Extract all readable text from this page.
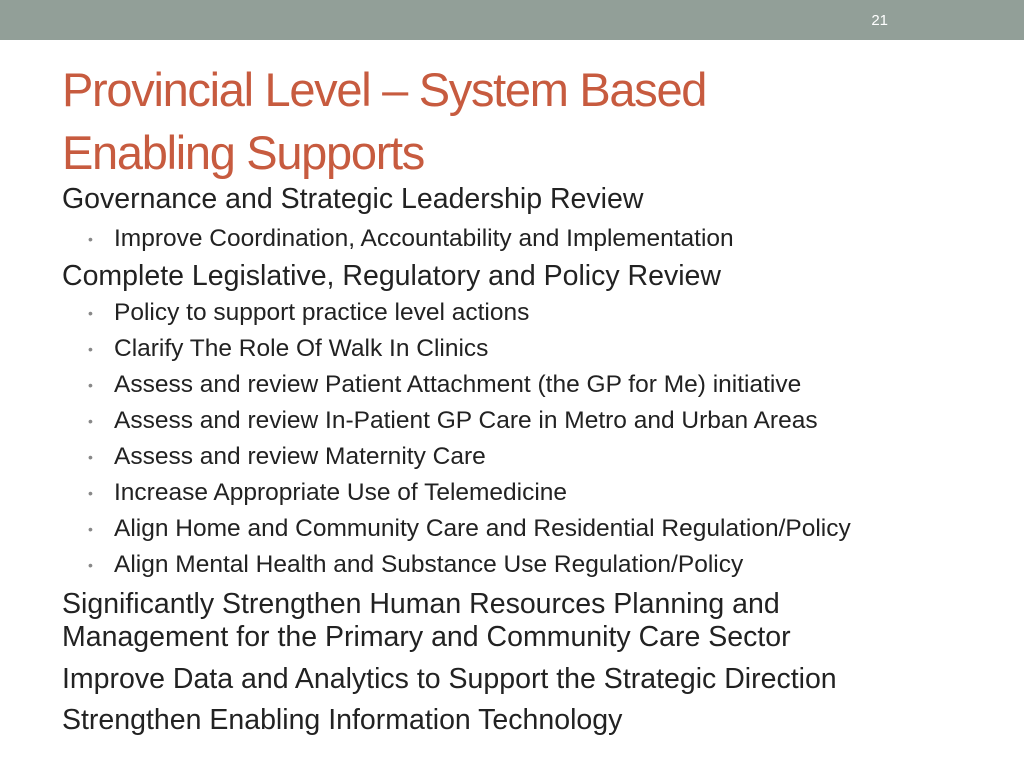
21
Provincial Level – System Based
Enabling Supports

Governance and Strategic Leadership Review

• Improve Coordination, Accountability and Implementation

Complete Legislative, Regulatory and Policy Review

• Policy to support practice level actions

• Clarify The Role Of Walk In Clinics

• Assess and review Patient Attachment (the GP for Me) initiative

• Assess and review In-Patient GP Care in Metro and Urban Areas

• Assess and review Maternity Care

• Increase Appropriate Use of Telemedicine

• Align Home and Community Care and Residential Regulation/Policy

• Align Mental Health and Substance Use Regulation/Policy

Significantly Strengthen Human Resources Planning and Management for the Primary and Community Care Sector

Improve Data and Analytics to Support the Strategic Direction

Strengthen Enabling Information Technology
